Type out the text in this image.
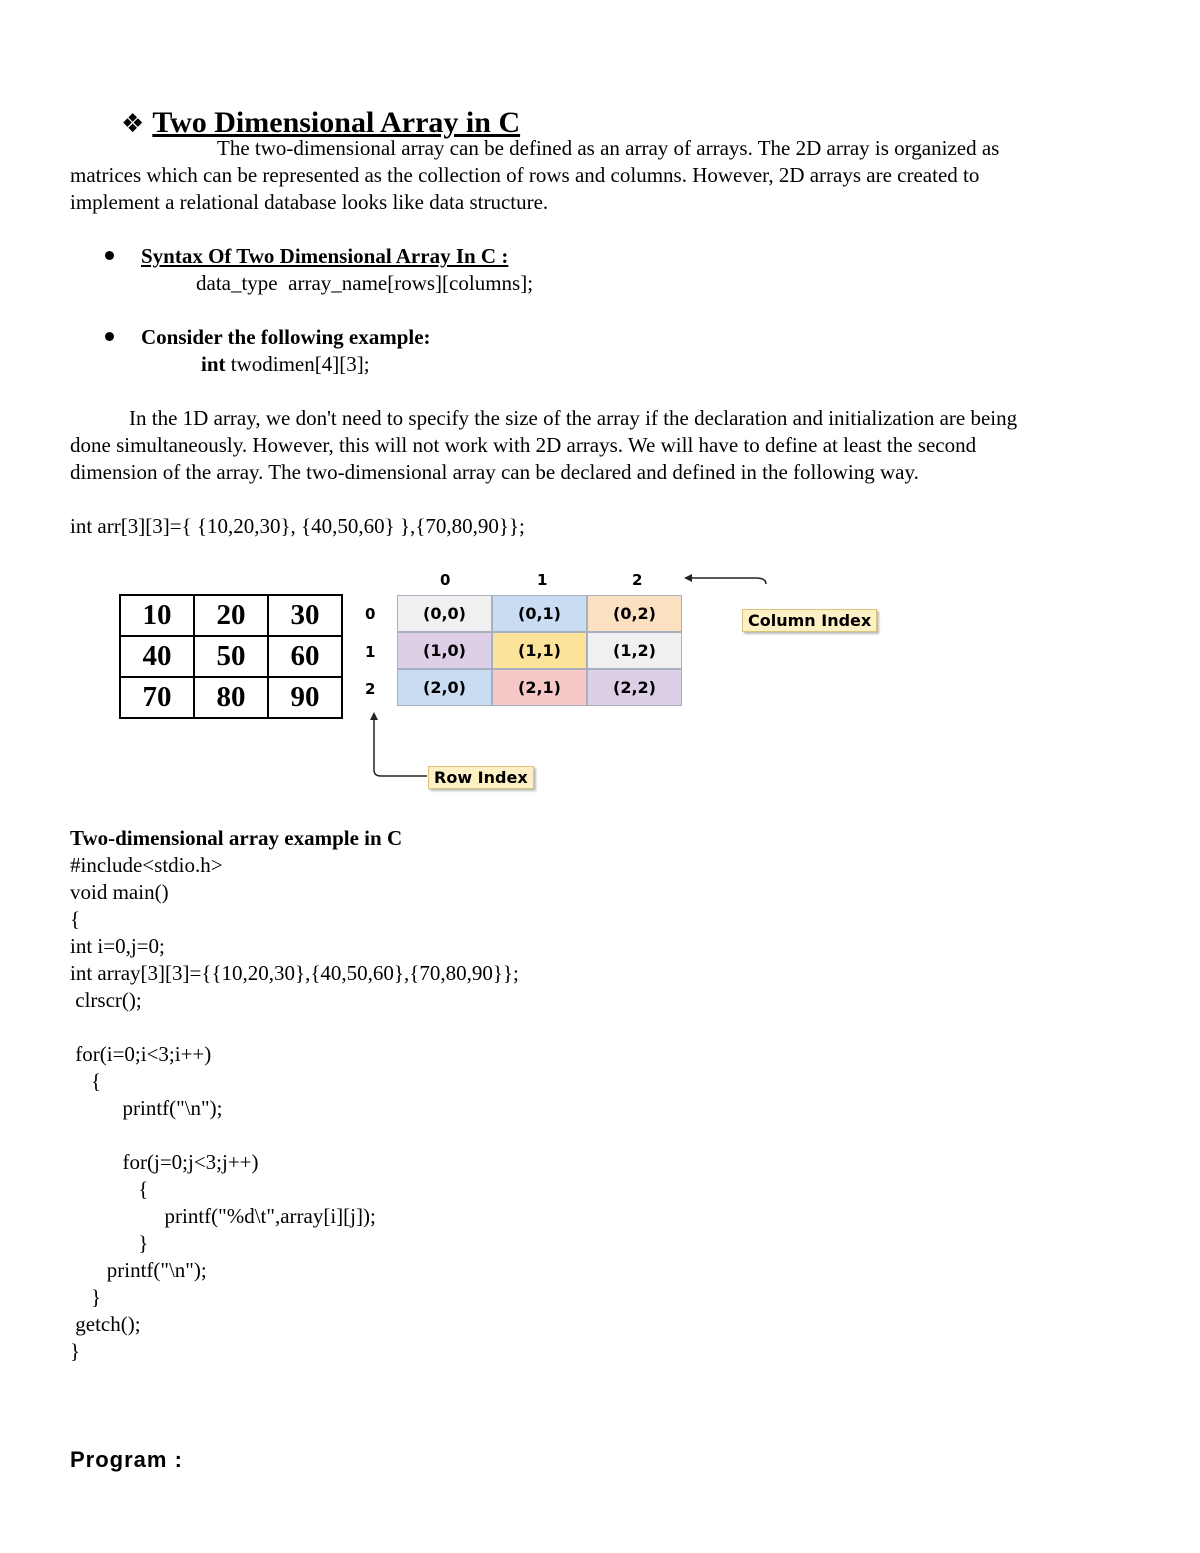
❖ Two Dimensional Array in C

The two-dimensional array can be defined as an array of arrays. The 2D array is organized as
matrices which can be represented as the collection of rows and columns. However, 2D arrays are created to
implement a relational database looks like data structure.
Syntax Of Two Dimensional Array In C :
data_type  array_name[rows][columns];
Consider the following example:
int twodimen[4][3];
In the 1D array, we don't need to specify the size of the array if the declaration and initialization are being
done simultaneously. However, this will not work with 2D arrays. We will have to define at least the second
dimension of the array. The two-dimensional array can be declared and defined in the following way.
int arr[3][3]={ {10,20,30}, {40,50,60} },{70,80,90}};
10	20	30
40	50	60
70	80	90
0	1	2
0
1
2
(0,0)	(0,1)	(0,2)
(1,0)	(1,1)	(1,2)
(2,0)	(2,1)	(2,2)
Column Index
Row Index
Two-dimensional array example in C
#include<stdio.h>
void main()
{
int i=0,j=0;
int array[3][3]={{10,20,30},{40,50,60},{70,80,90}};
clrscr();
for(i=0;i<3;i++)
{
printf("\n");
for(j=0;j<3;j++)
{
printf("%d\t",array[i][j]);
}
printf("\n");
}
getch();
}
Program :
